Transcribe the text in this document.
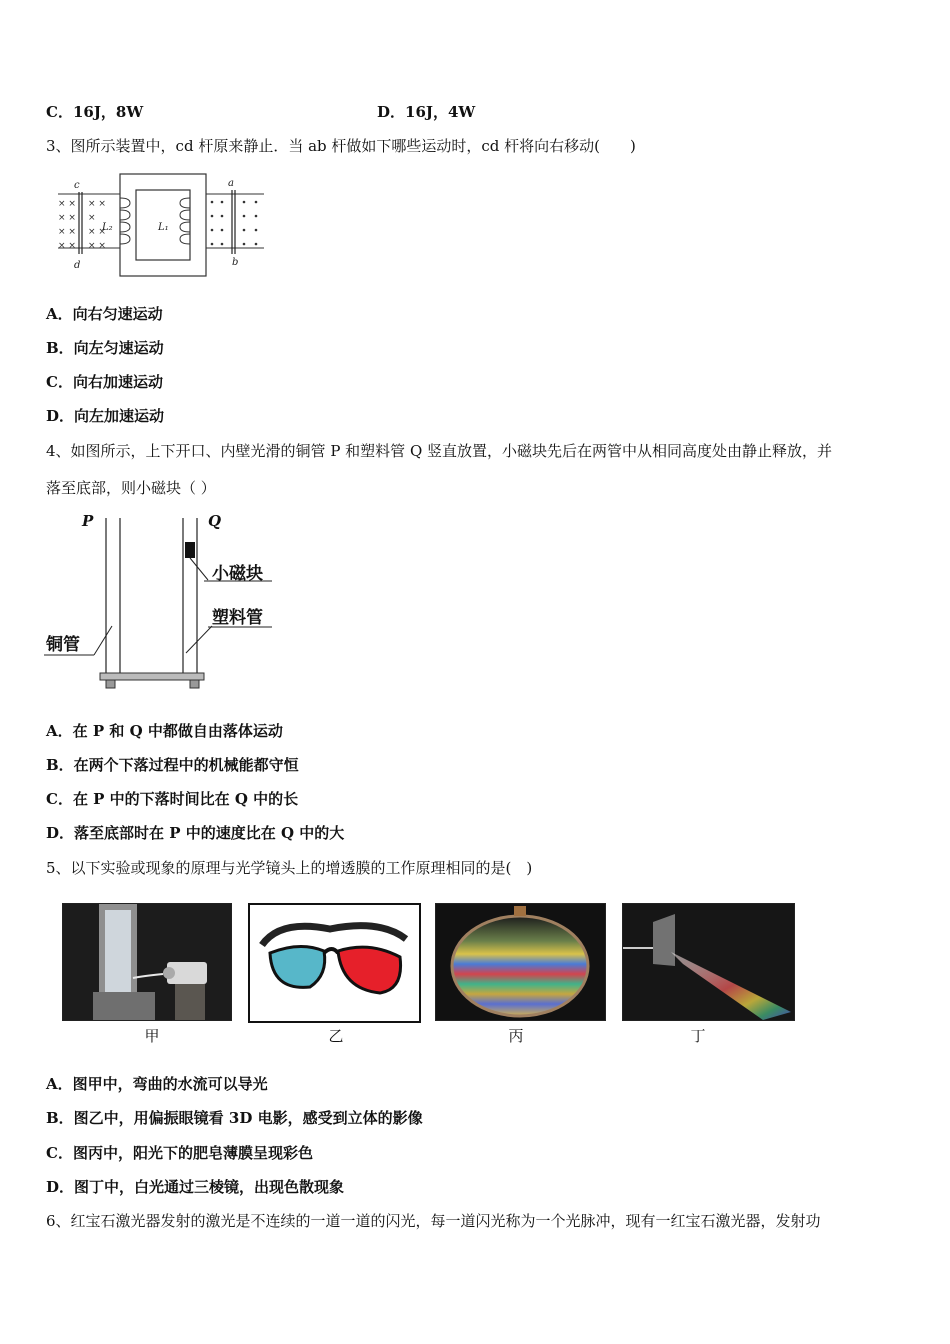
C．16J，8W	D．16J，4W
3、图所示装置中，cd 杆原来静止．当 ab 杆做如下哪些运动时，cd 杆将向右移动(　　)
c
d
× × × ×
× × ×
× × × ×
× × × ×
L₂	L₁
a
b
A．向右匀速运动
B．向左匀速运动
C．向右加速运动
D．向左加速运动
4、如图所示，上下开口、内壁光滑的铜管 P 和塑料管 Q 竖直放置，小磁块先后在两管中从相同高度处由静止释放，并
落至底部，则小磁块（ ）
P	Q
小磁块
塑料管
铜管
A．在 P 和 Q 中都做自由落体运动
B．在两个下落过程中的机械能都守恒
C．在 P 中的下落时间比在 Q 中的长
D．落至底部时在 P 中的速度比在 Q 中的大
5、以下实验或现象的原理与光学镜头上的增透膜的工作原理相同的是(　)
甲	乙	丙	丁
A．图甲中，弯曲的水流可以导光
B．图乙中，用偏振眼镜看 3D 电影，感受到立体的影像
C．图丙中，阳光下的肥皂薄膜呈现彩色
D．图丁中，白光通过三棱镜，出现色散现象
6、红宝石激光器发射的激光是不连续的一道一道的闪光，每一道闪光称为一个光脉冲，现有一红宝石激光器，发射功
